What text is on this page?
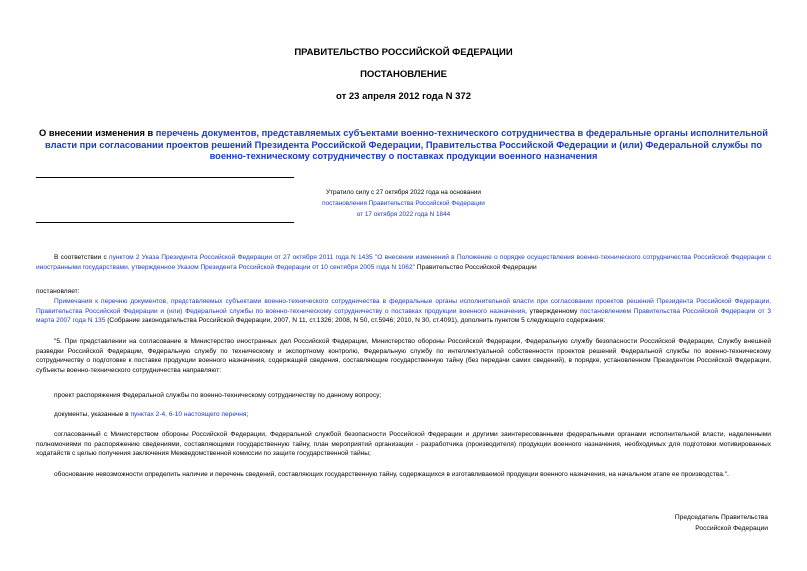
ПРАВИТЕЛЬСТВО РОССИЙСКОЙ ФЕДЕРАЦИИ
ПОСТАНОВЛЕНИЕ
от 23 апреля 2012 года N 372
О внесении изменения в перечень документов, представляемых субъектами военно-технического сотрудничества в федеральные органы исполнительной власти при согласовании проектов решений Президента Российской Федерации, Правительства Российской Федерации и (или) Федеральной службы по военно-техническому сотрудничеству о поставках продукции военного назначения
Утратило силу с 27 октября 2022 года на основании
постановления Правительства Российской Федерации
от 17 октября 2022 года N 1844
В соответствии с пунктом 2 Указа Президента Российской Федерации от 27 октября 2011 года N 1435 "О внесении изменений в Положение о порядке осуществления военно-технического сотрудничества Российской Федерации с иностранными государствами, утвержденное Указом Президента Российской Федерации от 10 сентября 2005 года N 1062" Правительство Российской Федерации
постановляет:
Примечания к перечню документов, представляемых субъектами военно-технического сотрудничества в федеральные органы исполнительной власти при согласовании проектов решений Президента Российской Федерации, Правительства Российской Федерации и (или) Федеральной службы по военно-техническому сотрудничеству о поставках продукции военного назначения, утвержденному постановлением Правительства Российской Федерации от 3 марта 2007 года N 135 (Собрание законодательства Российской Федерации, 2007, N 11, ст.1326; 2008, N 50, ст.5946; 2010, N 30, ст.4091), дополнить пунктом 5 следующего содержания:
"5. При представлении на согласование в Министерство иностранных дел Российской Федерации, Министерство обороны Российской Федерации, Федеральную службу безопасности Российской Федерации, Службу внешней разведки Российской Федерации, Федеральную службу по техническому и экспортному контролю, Федеральную службу по интеллектуальной собственности проектов решений Федеральной службы по военно-техническому сотрудничеству о подготовке к поставке продукции военного назначения, содержащей сведения, составляющие государственную тайну (без передачи самих сведений), в порядке, установленном Президентом Российской Федерации, субъекты военно-технического сотрудничества направляют:
проект распоряжения Федеральной службы по военно-техническому сотрудничеству по данному вопросу;
документы, указанные в пунктах 2-4, 6-10 настоящего перечня;
согласованный с Министерством обороны Российской Федерации, Федеральной службой безопасности Российской Федерации и другими заинтересованными федеральными органами исполнительной власти, наделенными полномочиями по распоряжению сведениями, составляющими государственную тайну, план мероприятий организации - разработчика (производителя) продукции военного назначения, необходимых для подготовки мотивированных ходатайств с целью получения заключения Межведомственной комиссии по защите государственной тайны;
обоснование невозможности определить наличие и перечень сведений, составляющих государственную тайну, содержащихся в изготавливаемой продукции военного назначения, на начальном этапе ее производства.".
Председатель Правительства
Российской Федерации
